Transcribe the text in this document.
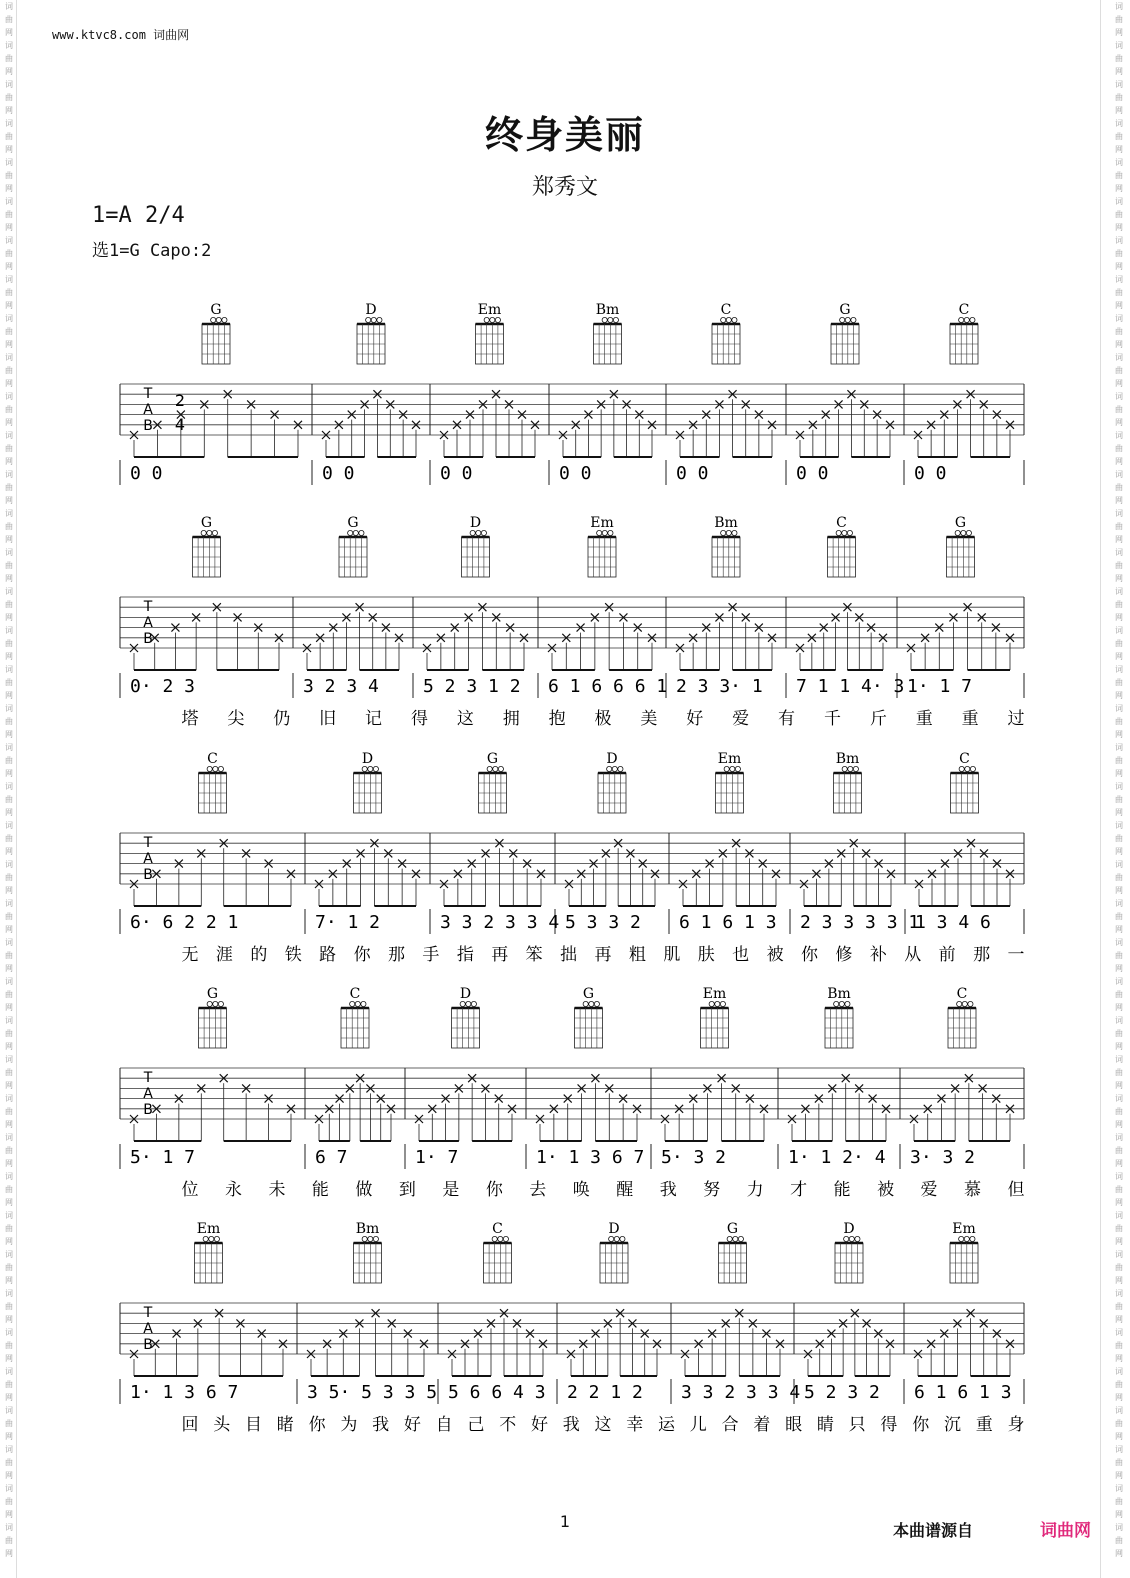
词
曲
网
词
曲
网
词
曲
网
词
曲
网
词
曲
网
词
曲
网
词
曲
网
词
曲
网
词
曲
网
词
曲
网
词
曲
网
词
曲
网
词
曲
网
词
曲
网
词
曲
网
词
曲
网
词
曲
网
词
曲
网
词
曲
网
词
曲
网
词
曲
网
词
曲
网
词
曲
网
词
曲
网
词
曲
网
词
曲
网
词
曲
网
词
曲
网
词
曲
网
词
曲
网
词
曲
网
词
曲
网
词
曲
网
词
曲
网
词
曲
网
词
曲
网
词
曲
网
词
曲
网
词
曲
网
词
曲
网
词
曲
网
词
曲
网
词
曲
网
词
曲
网
词
曲
网
词
曲
网
词
曲
网
词
曲
网
词
曲
网
词
曲
网
词
曲
网
词
曲
网
词
曲
网
词
曲
网
词
曲
网
词
曲
网
词
曲
网
词
曲
网
词
曲
网
词
曲
网
词
曲
网
词
曲
网
词
曲
网
词
曲
网
词
曲
网
词
曲
网
词
曲
网
词
曲
网
词
曲
网
词
曲
网
词
曲
网
词
曲
网
词
曲
网
词
曲
网
词
曲
网
词
曲
网
词
曲
网
词
曲
网
词
曲
网
词
曲
网
www.ktvc8.com 词曲网
终身美丽
郑秀文
1=A 2/4
选1=G Capo:2
T
A
B
2
4
G
0 0
D
0 0
Em
0 0
Bm
0 0
C
0 0
G
0 0
C
0 0
T
A
B
G
0· 2 3
G
3 2 3 4
D
5 2 3 1 2
Em
6 1 6 6 6 1
Bm
2 3 3· 1
C
7 1 1 4· 3
G
1· 1 7
塔 尖 仍 旧 记 得 这 拥 抱 极 美 好 爱 有 千 斤 重 重 过
T
A
B
C
6· 6 2 2 1
D
7· 1 2
G
3 3 2 3 3 4
D
5 3 3 2
Em
6 1 6 1 3
Bm
2 3 3 3 3 1
C
1 3 4 6
无 涯 的 铁 路 你 那 手 指 再 笨 拙 再 粗 肌 肤 也 被 你 修 补 从 前 那 一
T
A
B
G
5· 1 7
C
6 7
D
1· 7
G
1· 1 3 6 7
Em
5· 3 2
Bm
1· 1 2· 4
C
3· 3 2
位 永 未 能 做 到 是 你 去 唤 醒 我 努 力 才 能 被 爱 慕 但
T
A
B
Em
1· 1 3 6 7
Bm
3 5· 5 3 3 5
C
5 6 6 4 3
D
2 2 1 2
G
3 3 2 3 3 4
D
5 2 3 2
Em
6 1 6 1 3
回 头 目 睹 你 为 我 好 自 己 不 好 我 这 幸 运 儿 合 着 眼 睛 只 得 你 沉 重 身
1	本曲谱源自	词曲网
